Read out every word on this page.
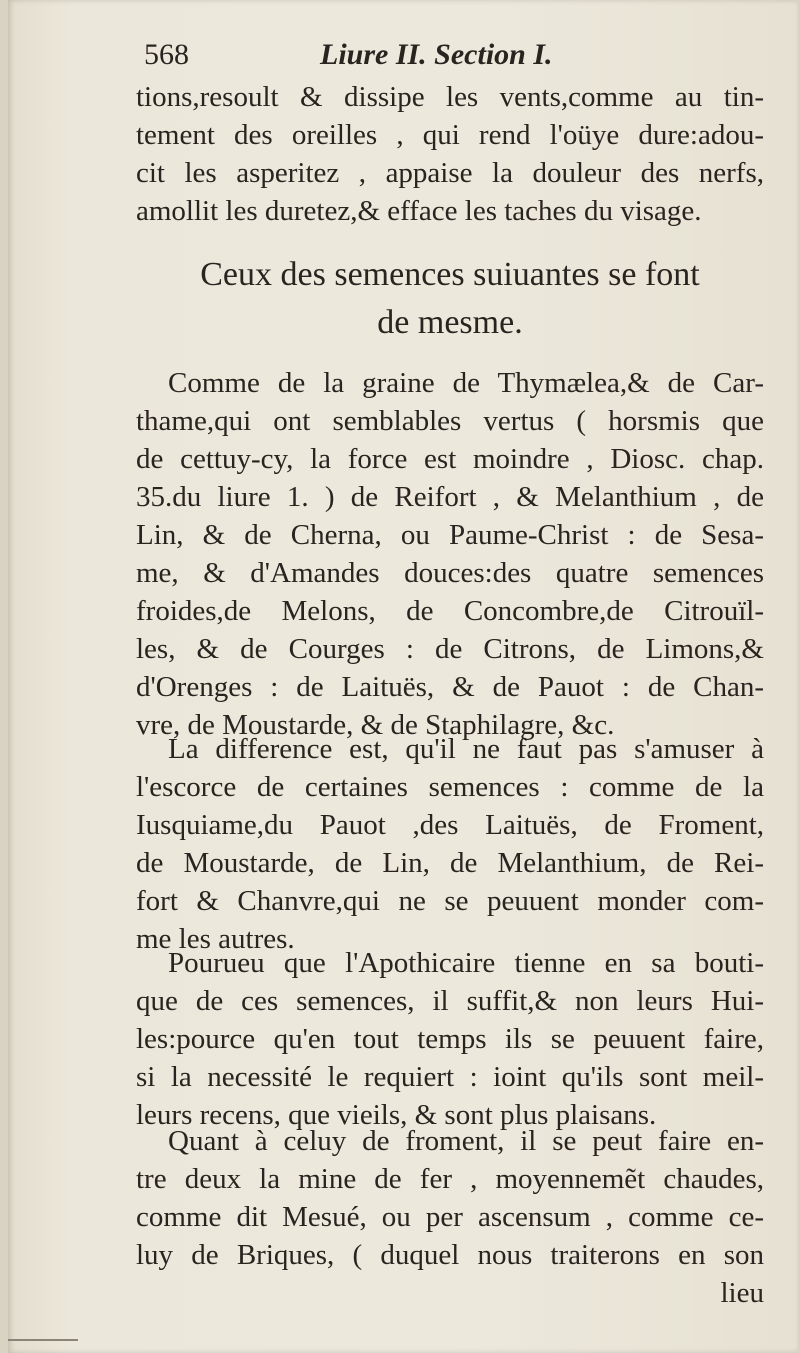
568	Liure II. Section I.
tions,resoult & dissipe les vents,comme au tin-
tement des oreilles , qui rend l'oüye dure:adou-
cit les asperitez , appaise la douleur des nerfs,
amollit les duretez,& efface les taches du visage.
Ceux des semences suiuantes se font
de mesme.
Comme de la graine de Thymælea,& de Car-
thame,qui ont semblables vertus ( horsmis que
de cettuy-cy, la force est moindre , Diosc. chap.
35.du liure 1. ) de Reifort , & Melanthium , de
Lin, & de Cherna, ou Paume-Christ : de Sesa-
me, & d'Amandes douces:des quatre semences
froides,de Melons, de Concombre,de Citrouïl-
les, & de Courges : de Citrons, de Limons,&
d'Orenges : de Laituës, & de Pauot : de Chan-
vre, de Moustarde, & de Staphilagre, &c.
La difference est, qu'il ne faut pas s'amuser à
l'escorce de certaines semences : comme de la
Iusquiame,du Pauot ,des Laituës, de Froment,
de Moustarde, de Lin, de Melanthium, de Rei-
fort & Chanvre,qui ne se peuuent monder com-
me les autres.
Pourueu que l'Apothicaire tienne en sa bouti-
que de ces semences, il suffit,& non leurs Hui-
les:pource qu'en tout temps ils se peuuent faire,
si la necessité le requiert : ioint qu'ils sont meil-
leurs recens, que vieils, & sont plus plaisans.
Quant à celuy de froment, il se peut faire en-
tre deux la mine de fer , moyennemẽt chaudes,
comme dit Mesué, ou per ascensum , comme ce-
luy de Briques, ( duquel nous traiterons en son
lieu
